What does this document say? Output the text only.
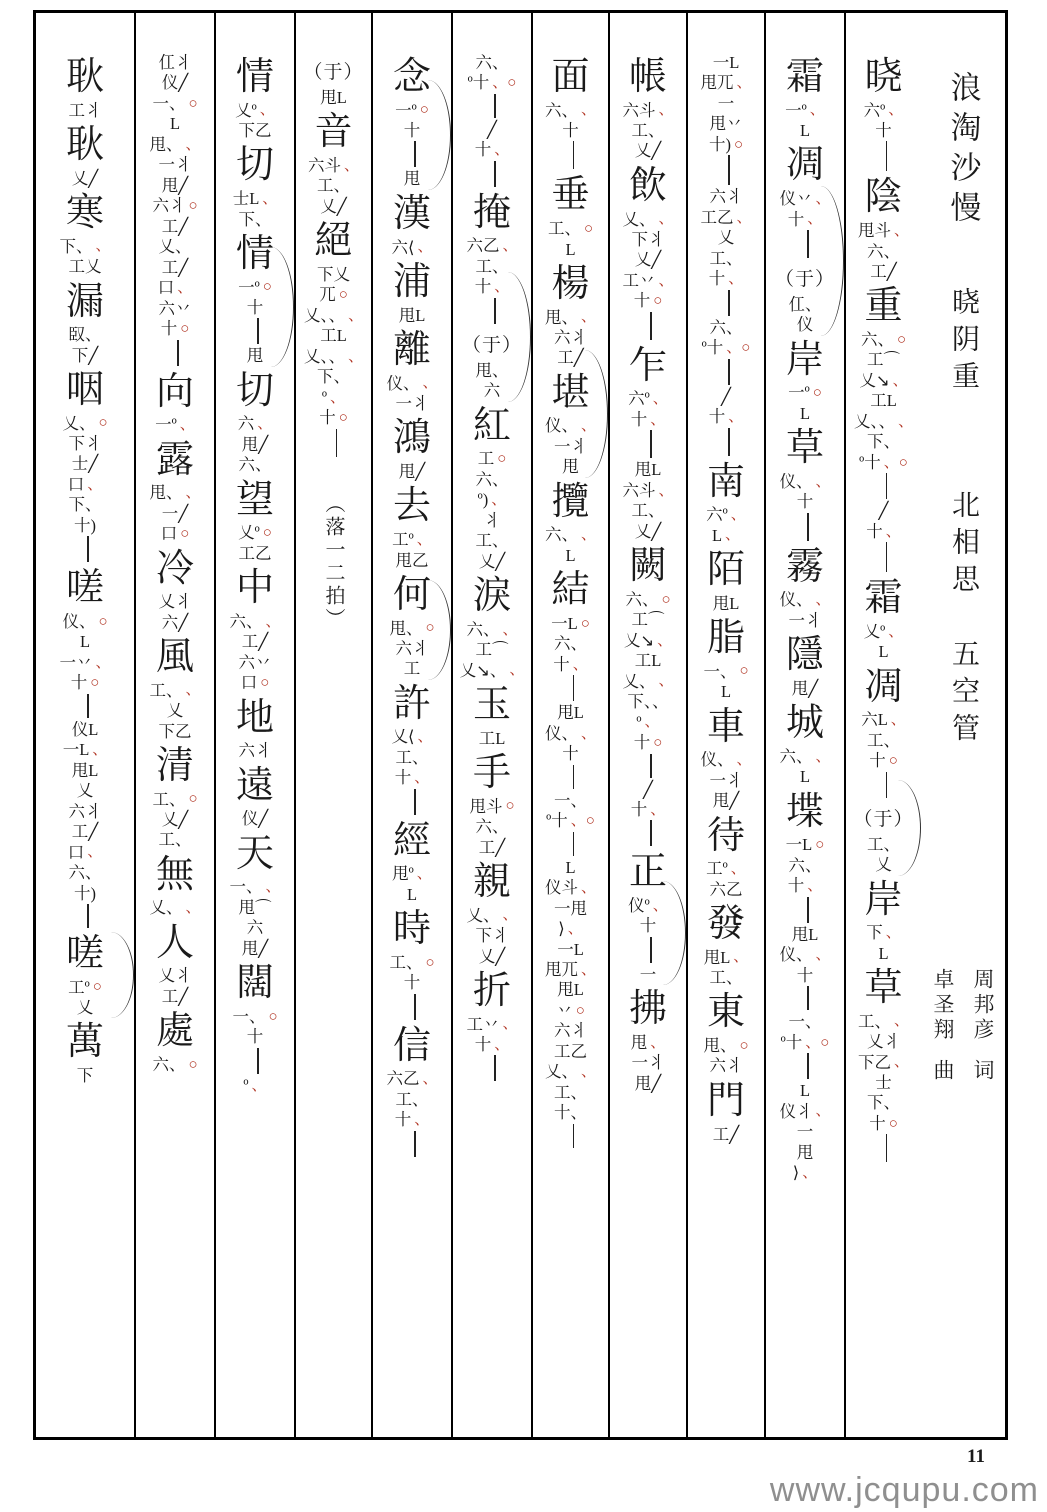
浪淘沙慢
晓阴重
北相思
五空管
周邦彦词
卓圣翔曲
晓
六º 、
十
陰
甩斗 、
六、
工╱
重
六、 ○
工⌒
乂↘ 、
工L
乂、、 、
下、
º十 、○
╱
十 、
霜
乂º 、
L
凋
六L 、
工、
十 ○
（于）
工、
乂
岸
下 、
L
草
工、 、
乂丬
下乙 、
士
下、
十 ○
霜
一º 、
L
凋
仪丷 、
十 、
（于）
仜、
仪
岸
一º ○
L
草
仪、 、
十
霧
仪、 、
一丬
隱
甩╱
城
六、 、
L
堞
一L ○
六、
十 、
甩L
仪、 、
十
一、
º十 、○
L
仪丬 、
一
甩
⟩ 、
一L
甩兀 、
一
甩丷
十) ○
六丬
工乙 、
乂
工、
十 、
六、
º十 、○
╱
十 、
南
六º 、
L 、
陌
甩L
脂
一、 ○
L
車
仪、 、
一丬
甩╱
待
工º 、
六乙
發
甩L 、
工、
東
甩、 ○
六丬
門
工╱
帳
六斗 、
工、
乂╱
飲
乂、 、
下丬
乂╱
工丷 、
十 ○
乍
六º 、
十 、
甩L
六斗 、
工、
乂╱
闕
六、 ○
工⌒
乂↘ 、
工L
乂、 、
下、、
º 、
十 ○
╱
十 、
正
仪º 、
十
一
拂
甩 、
一丬
甩╱
面
六、 、
十
垂
工、 ○
L
楊
甩、 、
六丬
工╱
堪
仪、 、
一丬
甩
攬
六、 、
L
結
一L ○
六、
十 、
甩L
仪、 、
十
一、
º十 、○
L
仪斗 、
一甩
⟩ 、
一L
甩兀 、
甩L
丷 ○
六丬
工乙
乂、 、
工、
十、
六、
º十 、○
╱
十 、
掩
六乙 、
工、
十 、
（于）
甩、
六
紅
工 ○
六、
º) 、
丬
工、
乂╱
淚
六、 、
工⌒
乂↘、 、
玉
工L
手
甩斗 ○
六、
工╱
親
乂、 、
下丬
乂╱
折
工丷 、
十 、
念
一º ○
十
甩
漢
六⟨ 、
浦
甩L
離
仪、 、
一丬
鴻
甩╱
去
工º 、
甩乙
何
甩、 ○
六丬
工
許
乂⟨ 、
工、
十 、
經
甩º 、
L
時
工、 ○
十
信
六乙 、
工、
十 、
（于）
甩L
音
六斗 、
工、
乂╱
絕
下乂
兀 ○
乂、、 、
工L
乂、、 、
下、
º 、
十 ○
（落一二拍）
情
乂º 、
下乙
切
士L 、
下、
情
一º ○
十
甩
切
六 、
甩╱
六、
望
乂º ○
工乙
中
六、 、
工╱
六丷
口 ○
地
六丬
遠
仪╱
天
一、 、
甩⌒
六
甩╱
闊
一、 ○
十
º 、
仜丬
仪╱
一、 ○
L
甩、 、
一丬
甩╱
六丬 ○
工╱
乂、
工╱
口 、
六丷
十 ○
向
一º 、
露
甩、 、
一╱
口 ○
冷
乂丬
六╱
風
工、 、
乂
下乙
清
工、 ○
乂╱
工、
無
乂、 、
人
乂丬
工╱
處
六、 ○
耿
工丬
耿
乂╱
寒
下、 、
工乂
漏
臤、
下╱
咽
乂、 ○
下丬
士╱
口 、
下、
十)
嗟
仪、 ○
L
一丷 、
十 ○
仪L
一L 、
甩L
乂
六丬
工╱
口 、
六、
十)
嗟
工º ○
乂
萬
下
11
www.jcqupu.com
